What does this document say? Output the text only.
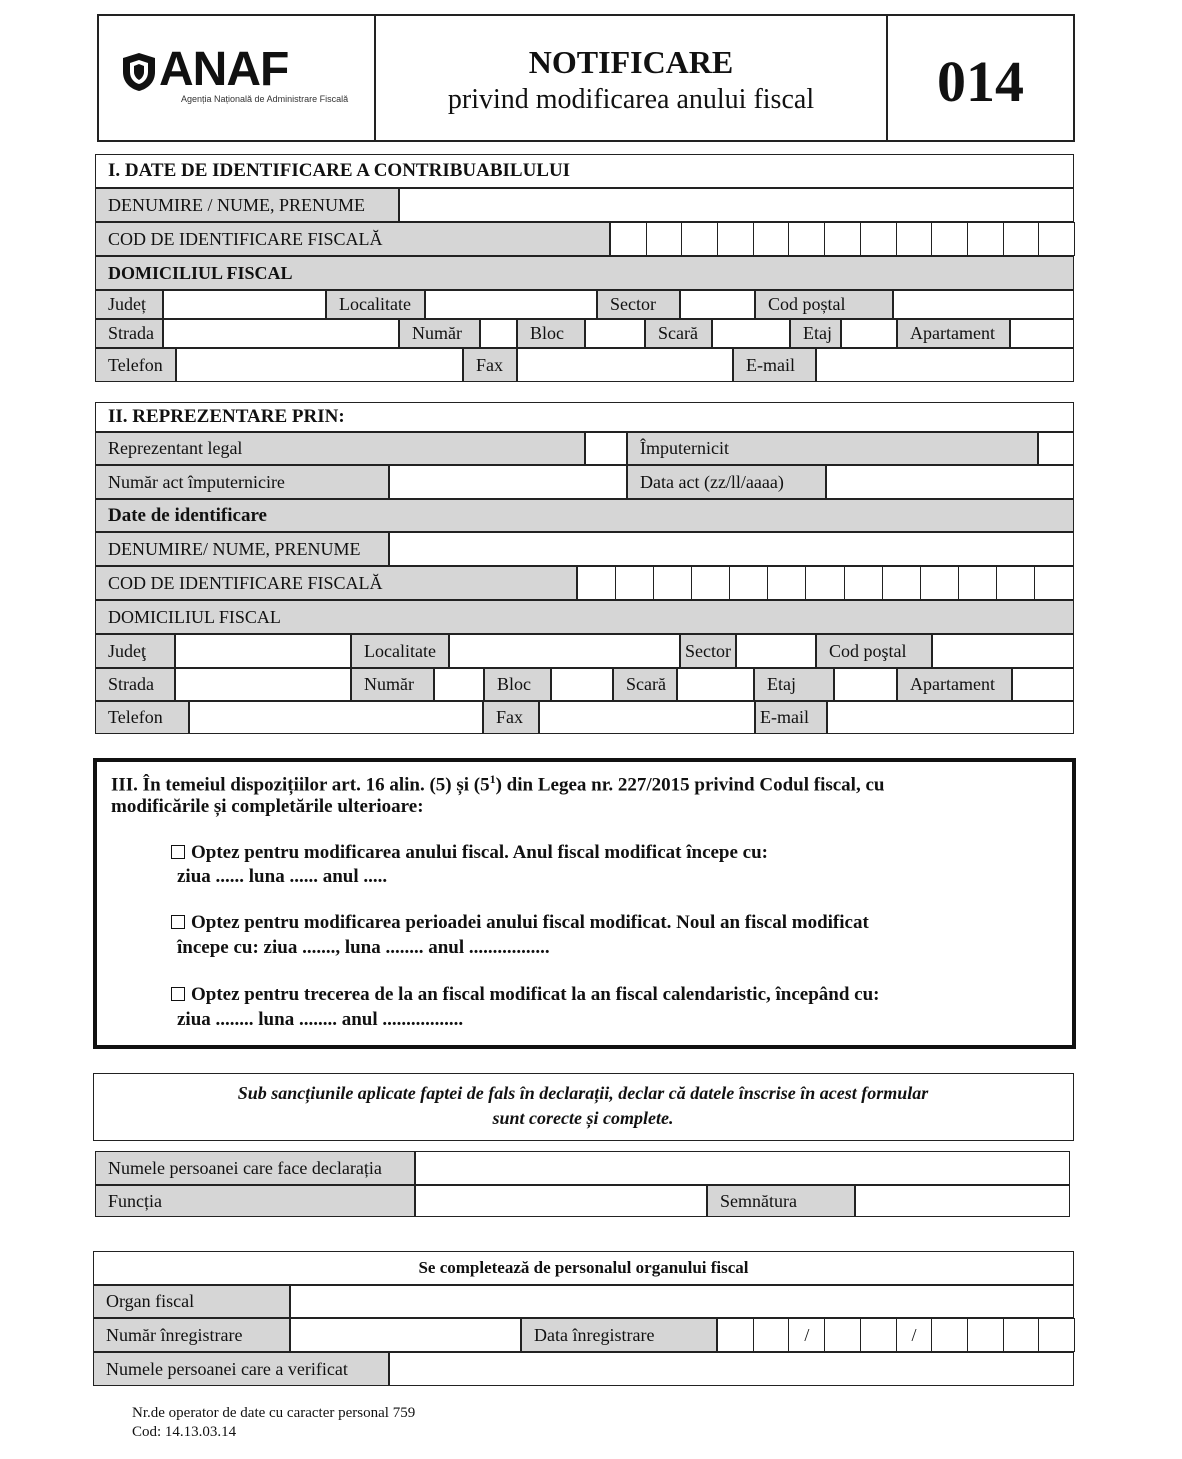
ANAF
Agenția Națională de Administrare Fiscală
NOTIFICARE
privind modificarea anului fiscal	014
I. DATE DE IDENTIFICARE A CONTRIBUABILULUI
DENUMIRE / NUME, PRENUME
COD DE IDENTIFICARE FISCALĂ
DOMICILIUL FISCAL
Județ	Localitate	Sector	Cod poștal
Strada	Număr	Bloc	Scară	Etaj	Apartament
Telefon	Fax	E-mail
II. REPREZENTARE PRIN:
Reprezentant legal	Împuternicit
Număr act împuternicire	Data act (zz/ll/aaaa)
Date de identificare
DENUMIRE/ NUME, PRENUME
COD DE IDENTIFICARE FISCALĂ
DOMICILIUL FISCAL
Judeţ	Localitate	Sector	Cod poştal
Strada	Număr	Bloc	Scară	Etaj	Apartament
Telefon	Fax	E-mail
III. În temeiul dispozițiilor art. 16 alin. (5) și $(5^1)$ din Legea nr. 227/2015 privind Codul fiscal, cu
modificările și completările ulterioare:
Optez pentru modificarea anului fiscal. Anul fiscal modificat începe cu:
ziua ...... luna ...... anul .....
Optez pentru modificarea perioadei anului fiscal modificat. Noul an fiscal modificat
începe cu: ziua ......., luna ........ anul .................
Optez pentru trecerea de la an fiscal modificat la an fiscal calendaristic, începând cu:
ziua ........ luna ........ anul .................
Sub sancțiunile aplicate faptei de fals în declarații, declar că datele înscrise în acest formular
sunt corecte și complete.
Numele persoanei care face declarația
Funcția	Semnătura
Se completează de personalul organului fiscal
Organ fiscal
Număr înregistrare	Data înregistrare	/	/
Numele persoanei care a verificat
Nr.de operator de date cu caracter personal 759
Cod: 14.13.03.14
